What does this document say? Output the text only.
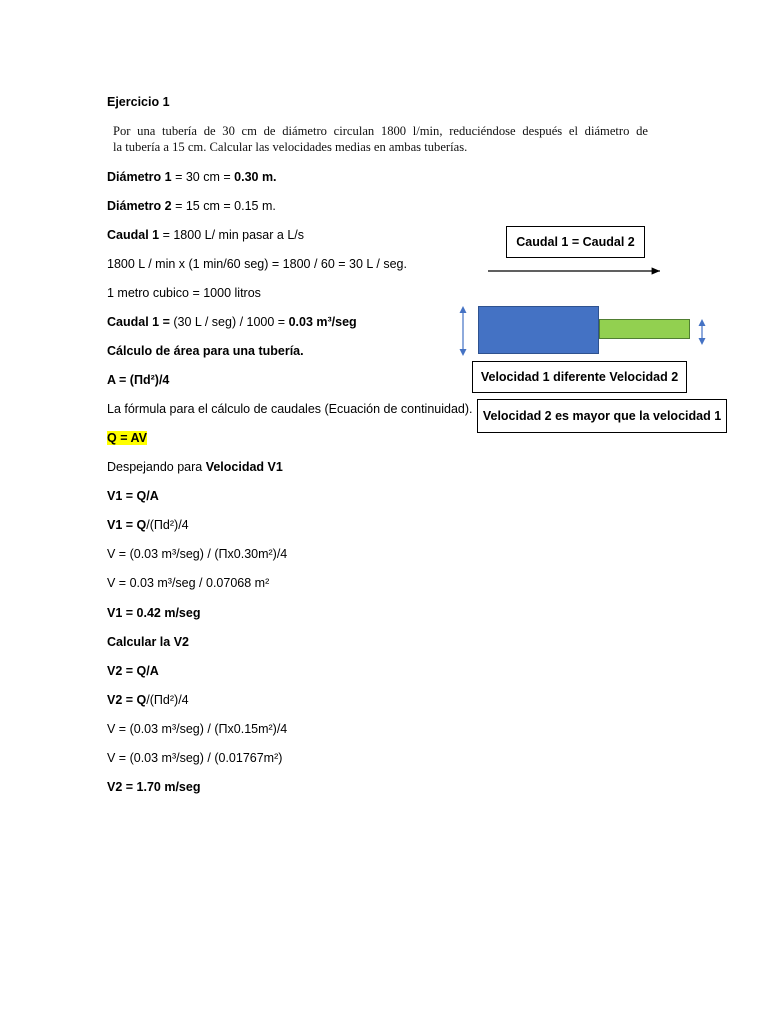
Ejercicio 1
Por una tubería de 30 cm de diámetro circulan 1800 l/min, reduciéndose después el diámetro de
la tubería a 15 cm. Calcular las velocidades medias en ambas tuberías.
Diámetro 1 = 30 cm = 0.30 m.
Diámetro 2 = 15 cm = 0.15 m.
Caudal 1 = 1800 L/ min pasar a L/s
1800 L / min x (1 min/60 seg) = 1800 / 60 = 30 L / seg.
1 metro cubico = 1000 litros
Caudal 1 = (30 L / seg) / 1000 = 0.03 m³/seg
Cálculo de área para una tubería.
A = (Πd²)/4
La fórmula para el cálculo de caudales (Ecuación de continuidad).
Q = AV
Despejando para Velocidad V1
V1 = Q/A
V1 = Q/(Πd²)/4
V = (0.03 m³/seg) / (Πx0.30m²)/4
V = 0.03 m³/seg / 0.07068 m²
V1 = 0.42 m/seg
Calcular la V2
V2 = Q/A
V2 = Q/(Πd²)/4
V = (0.03 m³/seg) / (Πx0.15m²)/4
V = (0.03 m³/seg) / (0.01767m²)
V2 = 1.70 m/seg
Caudal 1 = Caudal 2
Velocidad 1 diferente Velocidad 2
Velocidad 2 es mayor que la velocidad 1
